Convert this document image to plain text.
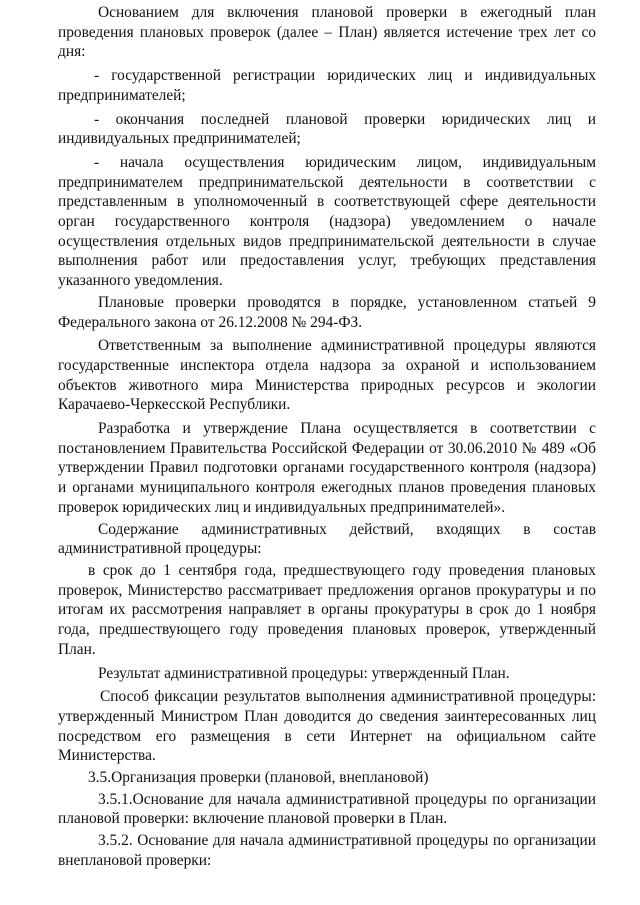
Основанием для включения плановой проверки в ежегодный план проведения плановых проверок (далее – План) является истечение трех лет со дня:

- государственной регистрации юридических лиц и индивидуальных предпринимателей;

- окончания последней плановой проверки юридических лиц и индивидуальных предпринимателей;

- начала осуществления юридическим лицом, индивидуальным предпринимателем предпринимательской деятельности в соответствии с представленным в уполномоченный в соответствующей сфере деятельности орган государственного контроля (надзора) уведомлением о начале осуществления отдельных видов предпринимательской деятельности в случае выполнения работ или предоставления услуг, требующих представления указанного уведомления.

Плановые проверки проводятся в порядке, установленном статьей 9 Федерального закона от 26.12.2008 № 294-ФЗ.

Ответственным за выполнение административной процедуры являются государственные инспектора отдела надзора за охраной и использованием объектов животного мира Министерства природных ресурсов и экологии Карачаево-Черкесской Республики.

Разработка и утверждение Плана осуществляется в соответствии с постановлением Правительства Российской Федерации от 30.06.2010 № 489 «Об утверждении Правил подготовки органами государственного контроля (надзора) и органами муниципального контроля ежегодных планов проведения плановых проверок юридических лиц и индивидуальных предпринимателей».

Содержание административных действий, входящих в состав административной процедуры:

в срок до 1 сентября года, предшествующего году проведения плановых проверок, Министерство рассматривает предложения органов прокуратуры и по итогам их рассмотрения направляет в органы прокуратуры в срок до 1 ноября года, предшествующего году проведения плановых проверок, утвержденный План.

Результат административной процедуры: утвержденный План.

Способ фиксации результатов выполнения административной процедуры: утвержденный Министром План доводится до сведения заинтересованных лиц посредством его размещения в сети Интернет на официальном сайте Министерства.

3.5.Организация проверки (плановой, внеплановой)

3.5.1.Основание для начала административной процедуры по организации плановой проверки: включение плановой проверки в План.

3.5.2. Основание для начала административной процедуры по организации внеплановой проверки:
